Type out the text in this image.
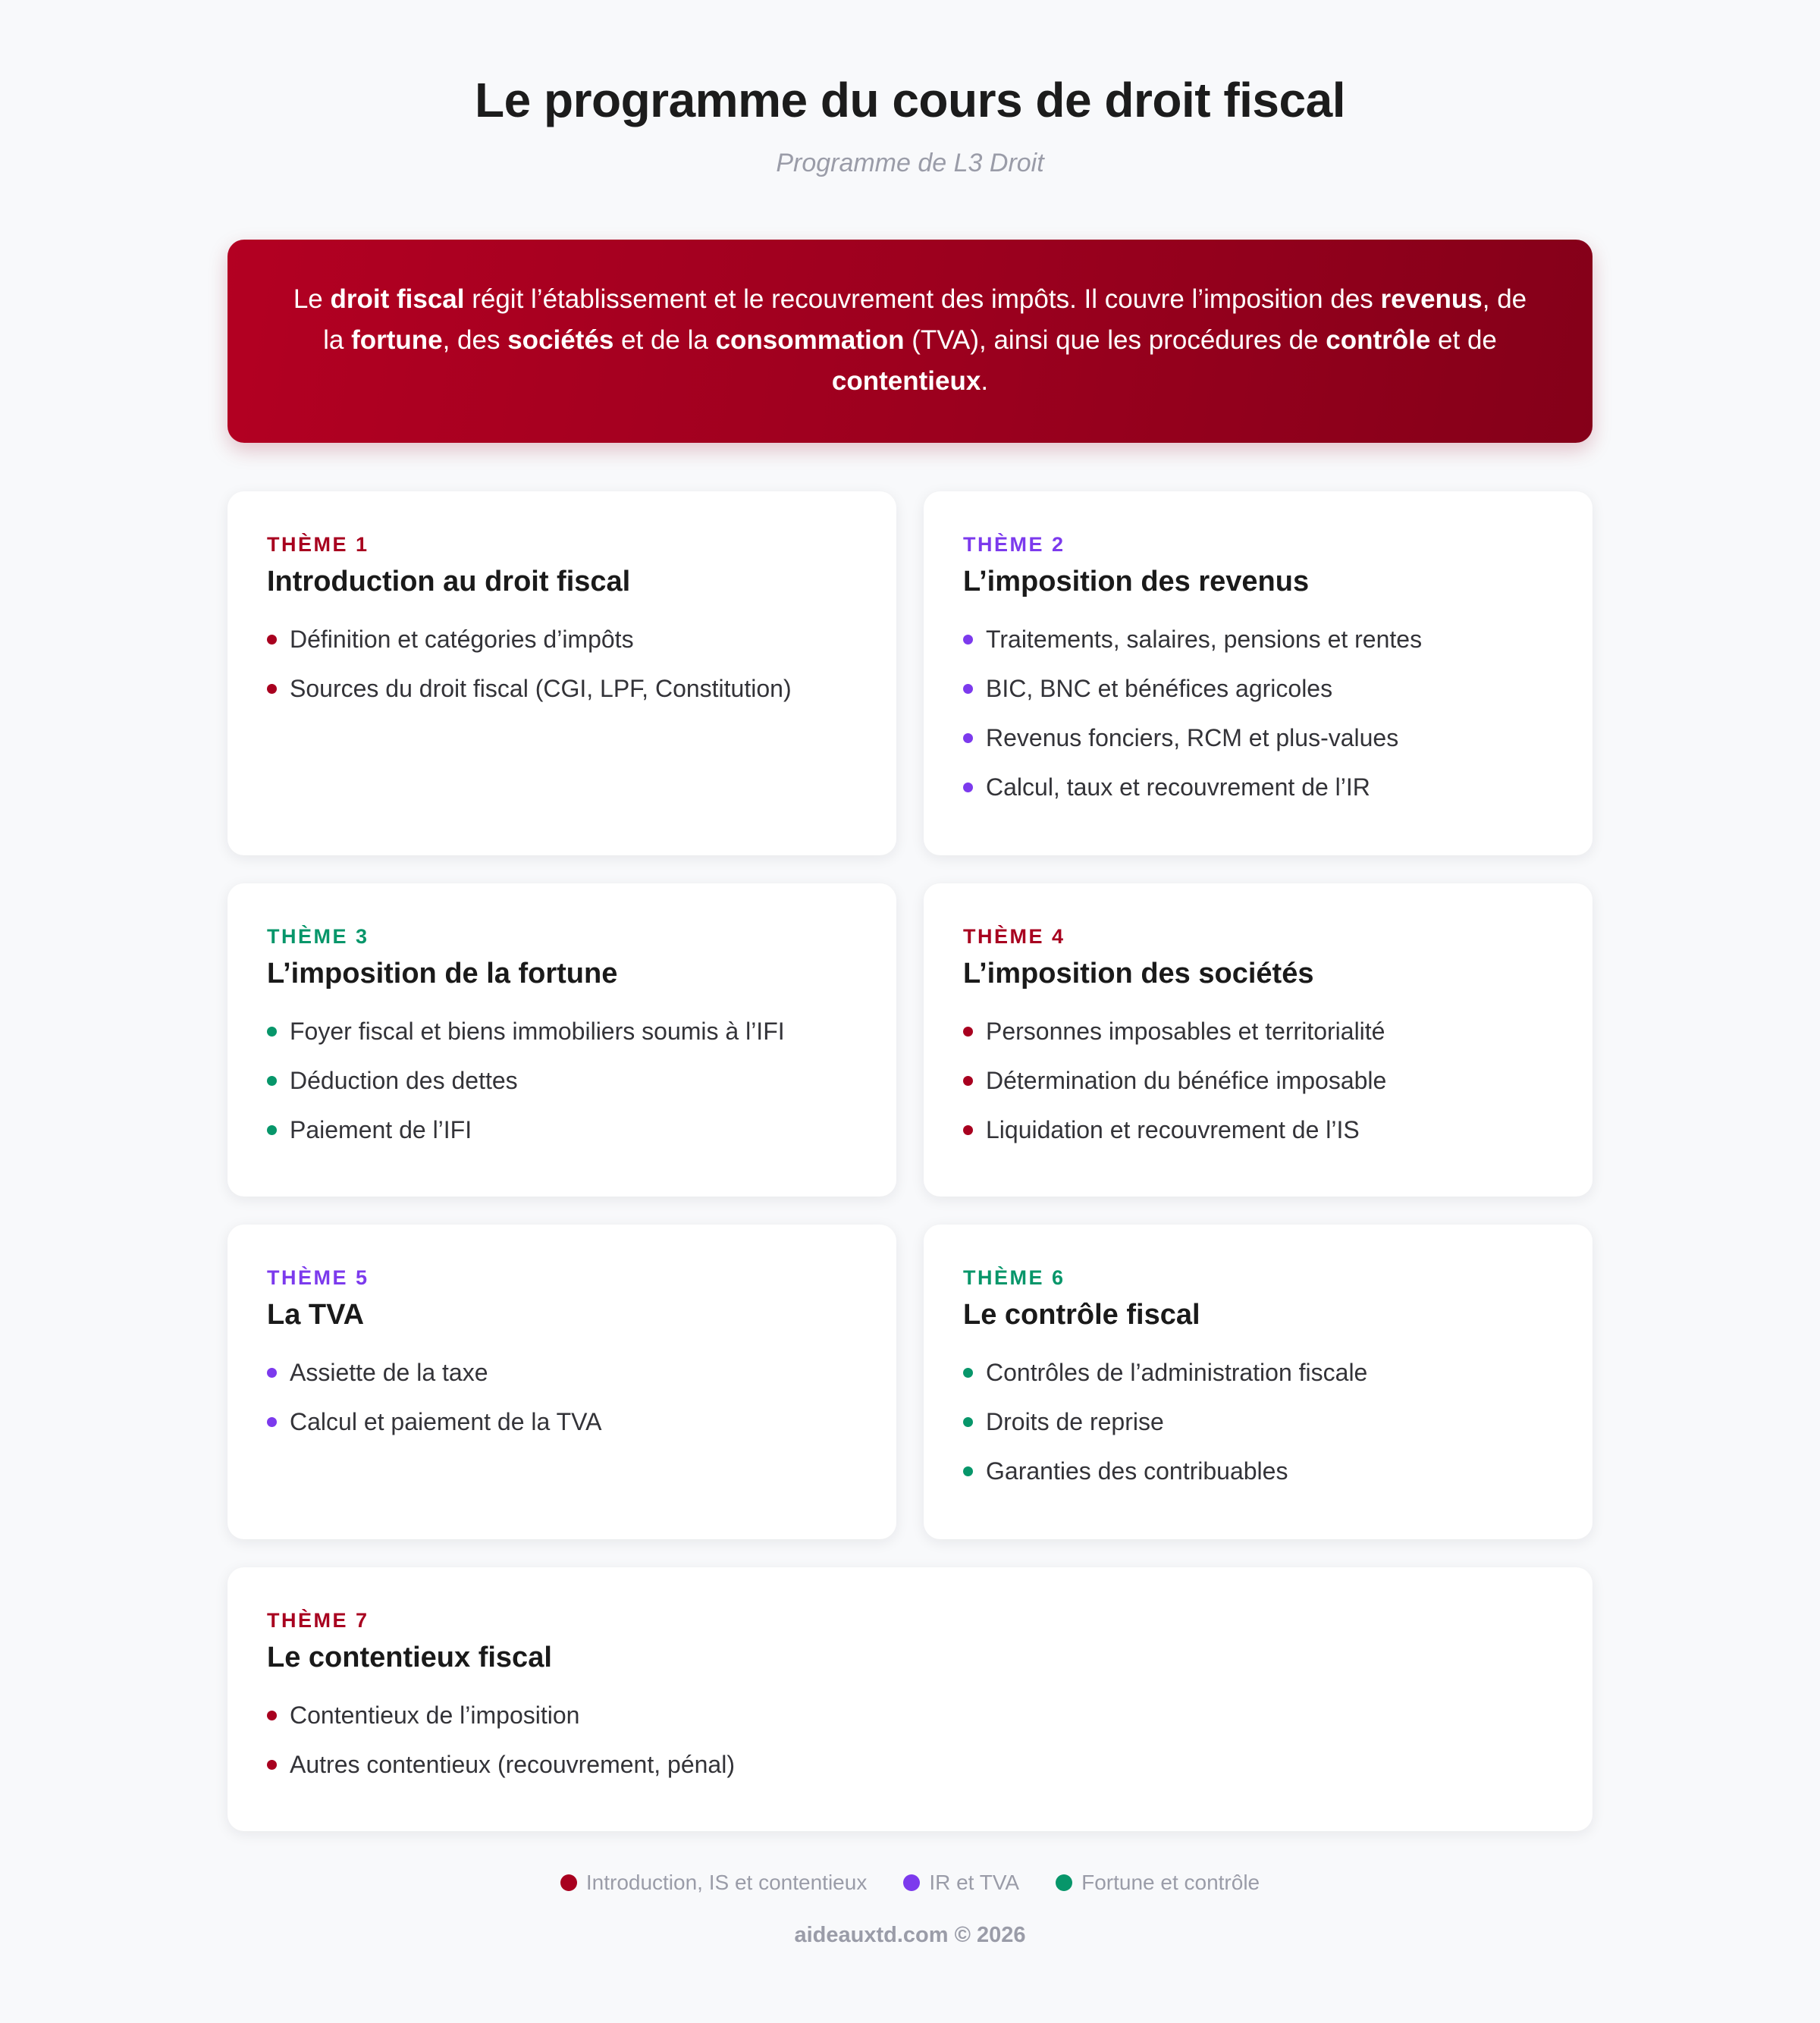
Le programme du cours de droit fiscal

Programme de L3 Droit

Le droit fiscal régit l’établissement et le recouvrement des impôts. Il couvre l’imposition des revenus, de la fortune, des sociétés et de la consommation (TVA), ainsi que les procédures de contrôle et de contentieux.

THÈME 1

Introduction au droit fiscal
Définition et catégories d’impôts
Sources du droit fiscal (CGI, LPF, Constitution)

THÈME 2

L’imposition des revenus
Traitements, salaires, pensions et rentes
BIC, BNC et bénéfices agricoles
Revenus fonciers, RCM et plus-values
Calcul, taux et recouvrement de l’IR

THÈME 3

L’imposition de la fortune
Foyer fiscal et biens immobiliers soumis à l’IFI
Déduction des dettes
Paiement de l’IFI

THÈME 4

L’imposition des sociétés
Personnes imposables et territorialité
Détermination du bénéfice imposable
Liquidation et recouvrement de l’IS

THÈME 5

La TVA
Assiette de la taxe
Calcul et paiement de la TVA

THÈME 6

Le contrôle fiscal
Contrôles de l’administration fiscale
Droits de reprise
Garanties des contribuables

THÈME 7

Le contentieux fiscal
Contentieux de l’imposition
Autres contentieux (recouvrement, pénal)
Introduction, IS et contentieux	IR et TVA	Fortune et contrôle
aideauxtd.com © 2026
